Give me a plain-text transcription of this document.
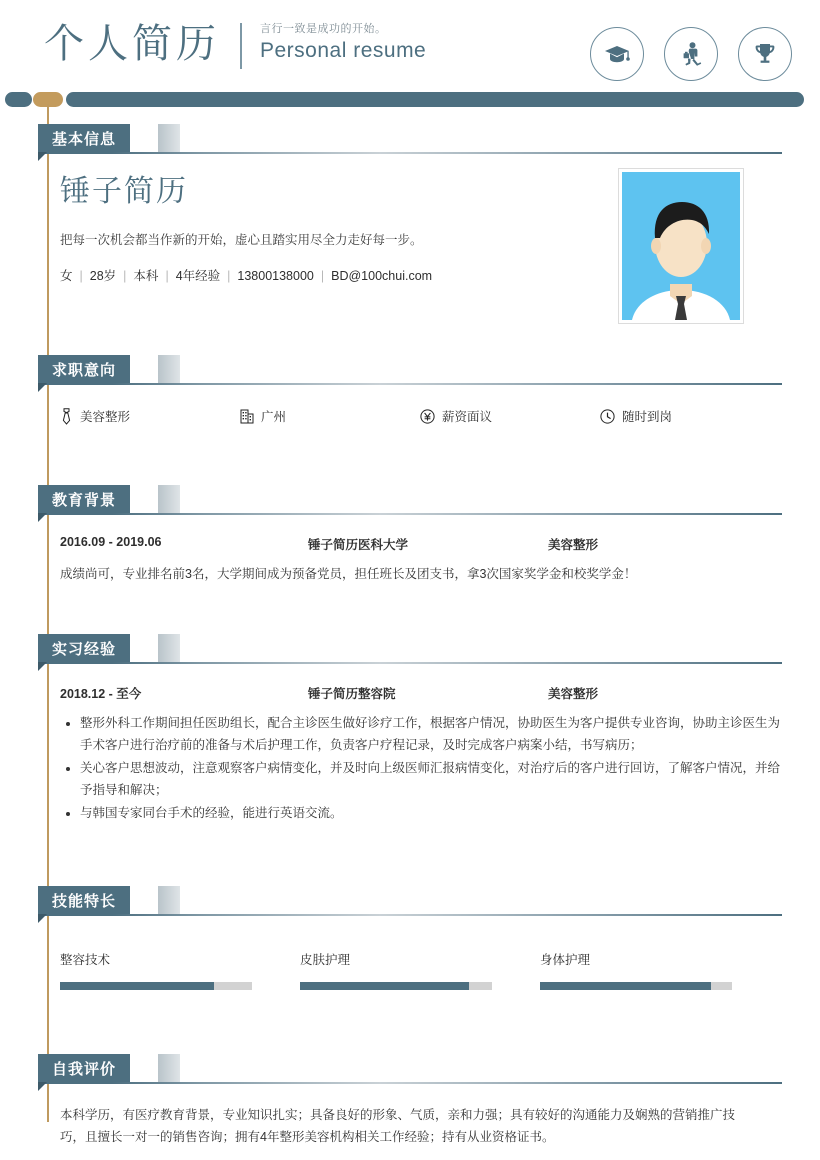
个人简历	言行一致是成功的开始。
Personal resume
基本信息
锤子简历
把每一次机会都当作新的开始，虚心且踏实用尽全力走好每一步。
女 | 28岁 | 本科 | 4年经验 | 13800138000 | BD@100chui.com
求职意向
美容整形	广州	薪资面议	随时到岗
教育背景
2016.09 - 2019.06	锤子简历医科大学	美容整形
成绩尚可，专业排名前3名，大学期间成为预备党员，担任班长及团支书，拿3次国家奖学金和校奖学金！
实习经验
2018.12 - 至今	锤子简历整容院	美容整形
• 整形外科工作期间担任医助组长，配合主诊医生做好诊疗工作，根据客户情况，协助医生为客户提供专业咨询，协助主诊医生为手术客户进行治疗前的准备与术后护理工作，负责客户疗程记录，及时完成客户病案小结，书写病历；
• 关心客户思想波动，注意观察客户病情变化，并及时向上级医师汇报病情变化，对治疗后的客户进行回访，了解客户情况，并给予指导和解决；
• 与韩国专家同台手术的经验，能进行英语交流。
技能特长
整容技术	皮肤护理	身体护理
自我评价
本科学历，有医疗教育背景，专业知识扎实；具备良好的形象、气质，亲和力强；具有较好的沟通能力及娴熟的营销推广技巧，且擅长一对一的销售咨询；拥有4年整形美容机构相关工作经验；持有从业资格证书。
